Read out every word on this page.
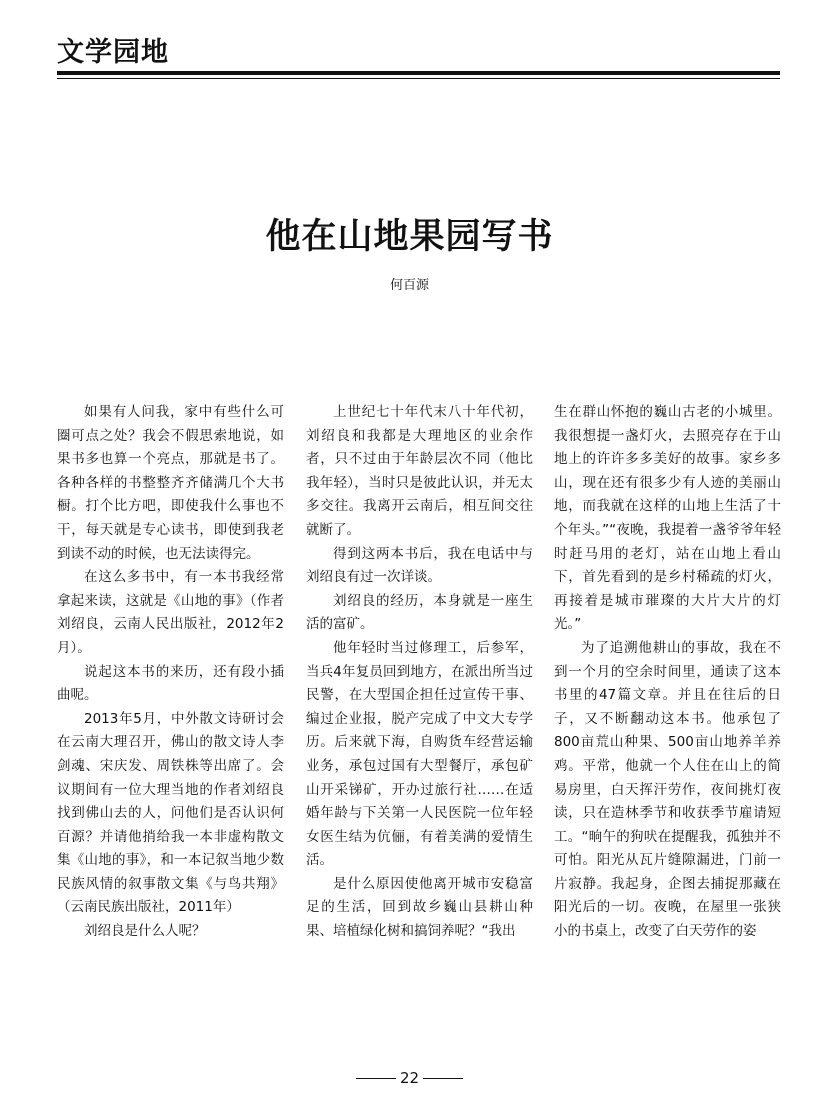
文学园地
他在山地果园写书
何百源

如果有人问我，家中有些什么可圈可点之处？我会不假思索地说，如果书多也算一个亮点，那就是书了。各种各样的书整整齐齐储满几个大书橱。打个比方吧，即使我什么事也不干，每天就是专心读书，即使到我老到读不动的时候，也无法读得完。

在这么多书中，有一本书我经常拿起来读，这就是《山地的事》（作者刘绍良，云南人民出版社，2012年2月）。

说起这本书的来历，还有段小插曲呢。

2013年5月，中外散文诗研讨会在云南大理召开，佛山的散文诗人李剑魂、宋庆发、周铁株等出席了。会议期间有一位大理当地的作者刘绍良找到佛山去的人，问他们是否认识何百源？并请他捎给我一本非虚构散文集《山地的事》，和一本记叙当地少数民族风情的叙事散文集《与鸟共翔》（云南民族出版社，2011年）

刘绍良是什么人呢？

上世纪七十年代末八十年代初，刘绍良和我都是大理地区的业余作者，只不过由于年龄层次不同（他比我年轻），当时只是彼此认识，并无太多交往。我离开云南后，相互间交往就断了。

得到这两本书后，我在电话中与刘绍良有过一次详谈。

刘绍良的经历，本身就是一座生活的富矿。

他年轻时当过修理工，后参军，当兵4年复员回到地方，在派出所当过民警，在大型国企担任过宣传干事、编过企业报，脱产完成了中文大专学历。后来就下海，自购货车经营运输业务，承包过国有大型餐厅，承包矿山开采锑矿，开办过旅行社……在适婚年龄与下关第一人民医院一位年轻女医生结为伉俪，有着美满的爱情生活。

是什么原因使他离开城市安稳富足的生活，回到故乡巍山县耕山种果、培植绿化树和搞饲养呢？“我出

生在群山怀抱的巍山古老的小城里。我很想提一盏灯火，去照亮存在于山地上的许许多多美好的故事。家乡多山，现在还有很多少有人迹的美丽山地，而我就在这样的山地上生活了十个年头。”“夜晚，我提着一盏爷爷年轻时赶马用的老灯，站在山地上看山下，首先看到的是乡村稀疏的灯火，再接着是城市璀璨的大片大片的灯光。”

为了追溯他耕山的事故，我在不到一个月的空余时间里，通读了这本书里的47篇文章。并且在往后的日子，又不断翻动这本书。他承包了800亩荒山种果、500亩山地养羊养鸡。平常，他就一个人住在山上的简易房里，白天挥汗劳作，夜间挑灯夜读，只在造林季节和收获季节雇请短工。“晌午的狗吠在提醒我，孤独并不可怕。阳光从瓦片缝隙漏进，门前一片寂静。我起身，企图去捕捉那藏在阳光后的一切。夜晚，在屋里一张狭小的书桌上，改变了白天劳作的姿

22
